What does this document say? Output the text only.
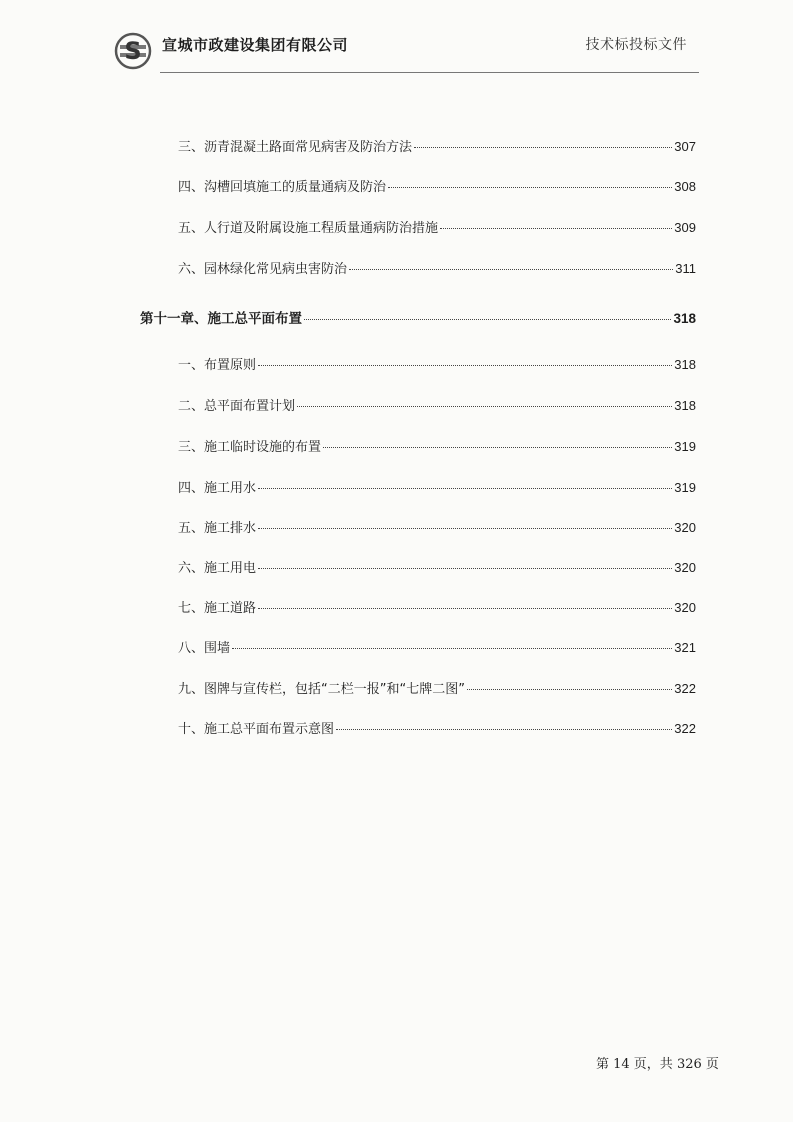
S 宣城市政建设集团有限公司	技术标投标文件
三、沥青混凝土路面常见病害及防治方法	307
四、沟槽回填施工的质量通病及防治	308
五、人行道及附属设施工程质量通病防治措施	309
六、园林绿化常见病虫害防治	311
第十一章、施工总平面布置	318
一、布置原则	318
二、总平面布置计划	318
三、施工临时设施的布置	319
四、施工用水	319
五、施工排水	320
六、施工用电	320
七、施工道路	320
八、围墙	321
九、图牌与宣传栏，包括“二栏一报”和“七牌二图”	322
十、施工总平面布置示意图	322
第 14 页，共 326 页
